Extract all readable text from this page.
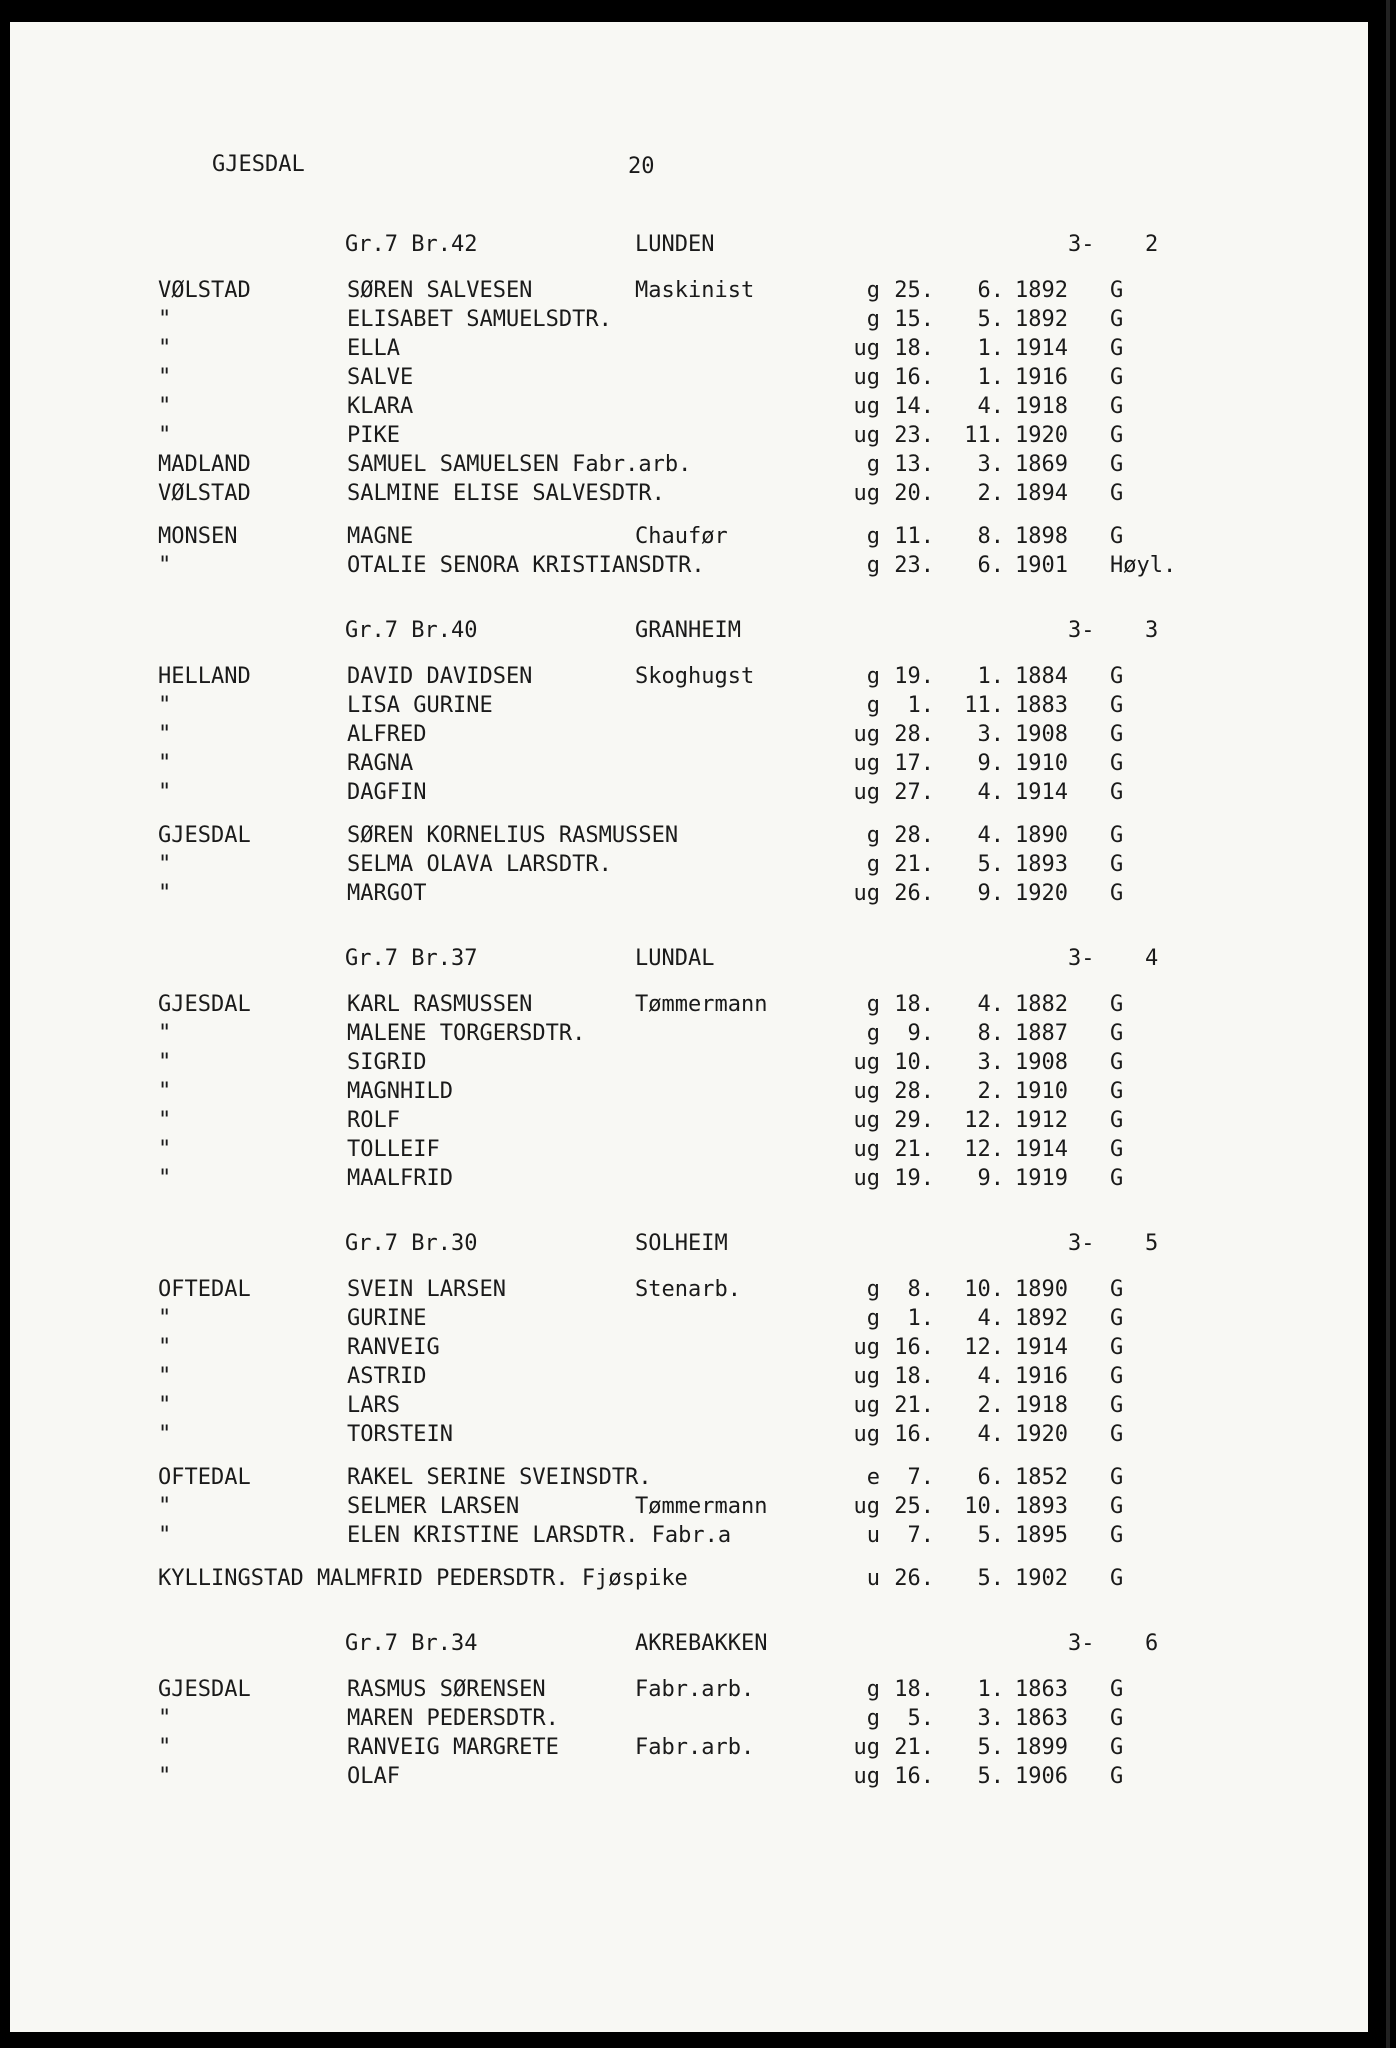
GJESDAL	20
Gr.7 Br.42	LUNDEN	3- 2
VØLSTAD	SØREN SALVESEN	Maskinist	g 25.	6. 1892 G
"	ELISABET SAMUELSDTR.	g 15.	5. 1892 G
"	ELLA	ug 18.	1. 1914 G
"	SALVE	ug 16.	1. 1916 G
"	KLARA	ug 14.	4. 1918 G
"	PIKE	ug 23.	11. 1920 G
MADLAND	SAMUEL SAMUELSEN Fabr.arb.	g 13.	3. 1869 G
VØLSTAD	SALMINE ELISE SALVESDTR.	ug 20.	2. 1894 G
MONSEN	MAGNE	Chaufør	g 11.	8. 1898 G
"	OTALIE SENORA KRISTIANSDTR.	g 23.	6. 1901 Høyl.
Gr.7 Br.40	GRANHEIM	3- 3
HELLAND	DAVID DAVIDSEN	Skoghugst	g 19.	1. 1884 G
"	LISA GURINE	g	1.	11. 1883 G
"	ALFRED	ug 28.	3. 1908 G
"	RAGNA	ug 17.	9. 1910 G
"	DAGFIN	ug 27.	4. 1914 G
GJESDAL	SØREN KORNELIUS RASMUSSEN	g 28.	4. 1890 G
"	SELMA OLAVA LARSDTR.	g 21.	5. 1893 G
"	MARGOT	ug 26.	9. 1920 G
Gr.7 Br.37	LUNDAL	3- 4
GJESDAL	KARL RASMUSSEN	Tømmermann	g 18.	4. 1882 G
"	MALENE TORGERSDTR.	g	9.	8. 1887 G
"	SIGRID	ug 10.	3. 1908 G
"	MAGNHILD	ug 28.	2. 1910 G
"	ROLF	ug 29.	12. 1912 G
"	TOLLEIF	ug 21.	12. 1914 G
"	MAALFRID	ug 19.	9. 1919 G
Gr.7 Br.30	SOLHEIM	3- 5
OFTEDAL	SVEIN LARSEN	Stenarb.	g	8.	10. 1890 G
"	GURINE	g	1.	4. 1892 G
"	RANVEIG	ug 16.	12. 1914 G
"	ASTRID	ug 18.	4. 1916 G
"	LARS	ug 21.	2. 1918 G
"	TORSTEIN	ug 16.	4. 1920 G
OFTEDAL	RAKEL SERINE SVEINSDTR.	e	7.	6. 1852 G
"	SELMER LARSEN	Tømmermann	ug 25.	10. 1893 G
"	ELEN KRISTINE LARSDTR. Fabr.a	u	7.	5. 1895 G
KYLLINGSTAD MALMFRID PEDERSDTR. Fjøspike	u 26.	5. 1902 G
Gr.7 Br.34	AKREBAKKEN	3- 6
GJESDAL	RASMUS SØRENSEN	Fabr.arb.	g 18.	1. 1863 G
"	MAREN PEDERSDTR.	g	5.	3. 1863 G
"	RANVEIG MARGRETE	Fabr.arb.	ug 21.	5. 1899 G
"	OLAF	ug 16.	5. 1906 G
